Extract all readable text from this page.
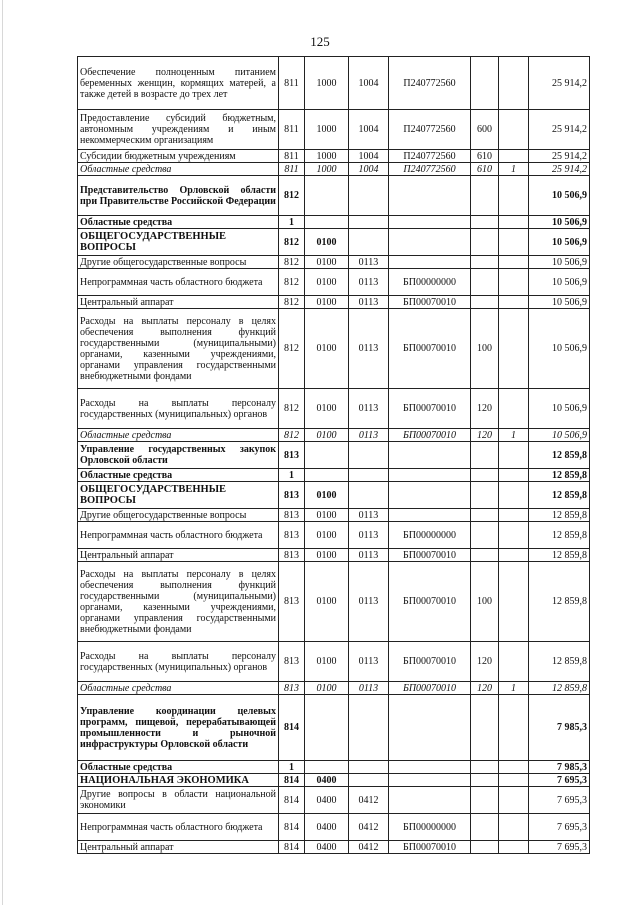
125
Обеспечение полноценным питанием беременных женщин, кормящих матерей, а также детей в возрасте до трех лет	811	1000	1004	П240772560			25 914,2
Предоставление субсидий бюджетным, автономным учреждениям и иным некоммерческим организациям	811	1000	1004	П240772560	600		25 914,2
Субсидии бюджетным учреждениям	811	1000	1004	П240772560	610		25 914,2
Областные средства	811	1000	1004	П240772560	610	1	25 914,2
Представительство Орловской области при Правительстве Российской Федерации	812						10 506,9
Областные средства	1						10 506,9
ОБЩЕГОСУДАРСТВЕННЫЕ ВОПРОСЫ	812	0100					10 506,9
Другие общегосударственные вопросы	812	0100	0113				10 506,9
Непрограммная часть областного бюджета	812	0100	0113	БП00000000			10 506,9
Центральный аппарат	812	0100	0113	БП00070010			10 506,9
Расходы на выплаты персоналу в целях обеспечения выполнения функций государственными (муниципальными) органами, казенными учреждениями, органами управления государственными внебюджетными фондами	812	0100	0113	БП00070010	100		10 506,9
Расходы на выплаты персоналу государственных (муниципальных) органов	812	0100	0113	БП00070010	120		10 506,9
Областные средства	812	0100	0113	БП00070010	120	1	10 506,9
Управление государственных закупок Орловской области	813						12 859,8
Областные средства	1						12 859,8
ОБЩЕГОСУДАРСТВЕННЫЕ ВОПРОСЫ	813	0100					12 859,8
Другие общегосударственные вопросы	813	0100	0113				12 859,8
Непрограммная часть областного бюджета	813	0100	0113	БП00000000			12 859,8
Центральный аппарат	813	0100	0113	БП00070010			12 859,8
Расходы на выплаты персоналу в целях обеспечения выполнения функций государственными (муниципальными) органами, казенными учреждениями, органами управления государственными внебюджетными фондами	813	0100	0113	БП00070010	100		12 859,8
Расходы на выплаты персоналу государственных (муниципальных) органов	813	0100	0113	БП00070010	120		12 859,8
Областные средства	813	0100	0113	БП00070010	120	1	12 859,8
Управление координации целевых программ, пищевой, перерабатывающей промышленности и рыночной инфраструктуры Орловской области	814						7 985,3
Областные средства	1						7 985,3
НАЦИОНАЛЬНАЯ ЭКОНОМИКА	814	0400					7 695,3
Другие вопросы в области национальной экономики	814	0400	0412				7 695,3
Непрограммная часть областного бюджета	814	0400	0412	БП00000000			7 695,3
Центральный аппарат	814	0400	0412	БП00070010			7 695,3
